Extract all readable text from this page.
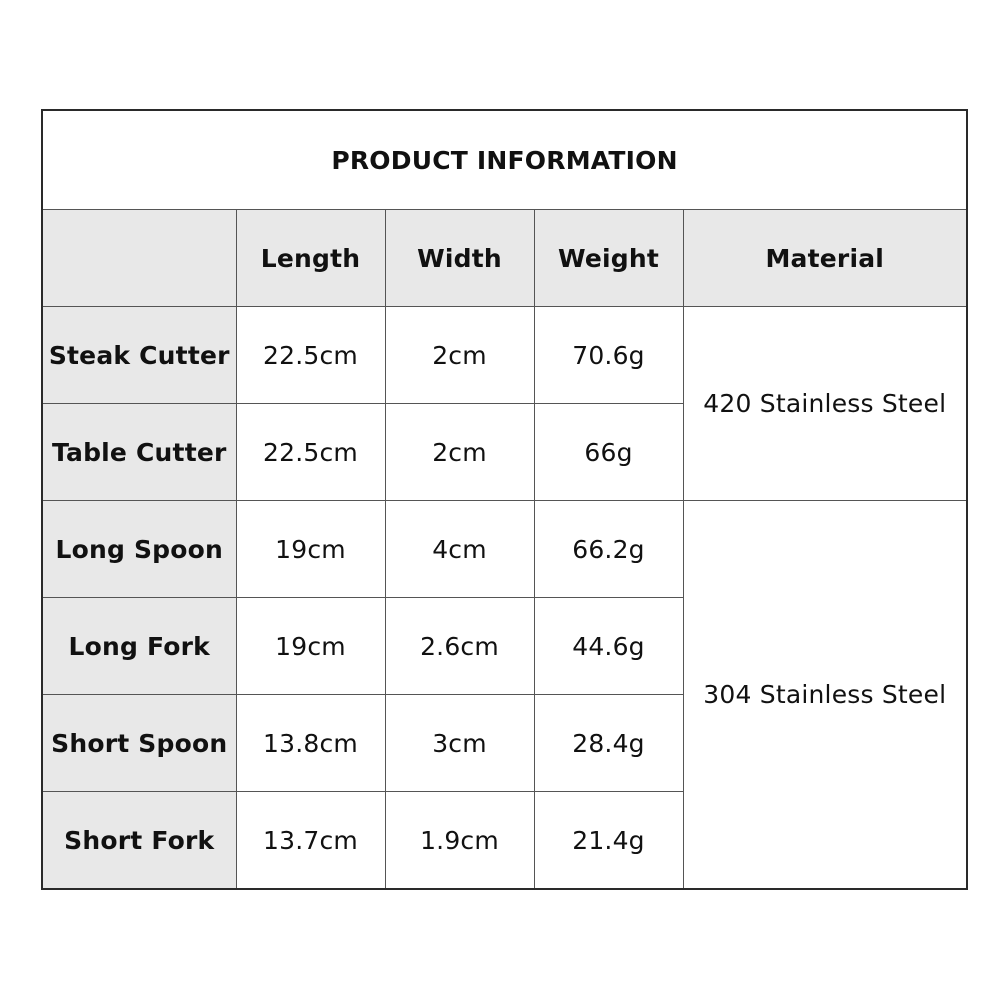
PRODUCT INFORMATION				
	Length	Width	Weight	Material
Steak Cutter	22.5cm	2cm	70.6g	420 Stainless Steel
Table Cutter	22.5cm	2cm	66g	
Long Spoon	19cm	4cm	66.2g	304 Stainless Steel
Long Fork	19cm	2.6cm	44.6g	
Short Spoon	13.8cm	3cm	28.4g	
Short Fork	13.7cm	1.9cm	21.4g	
